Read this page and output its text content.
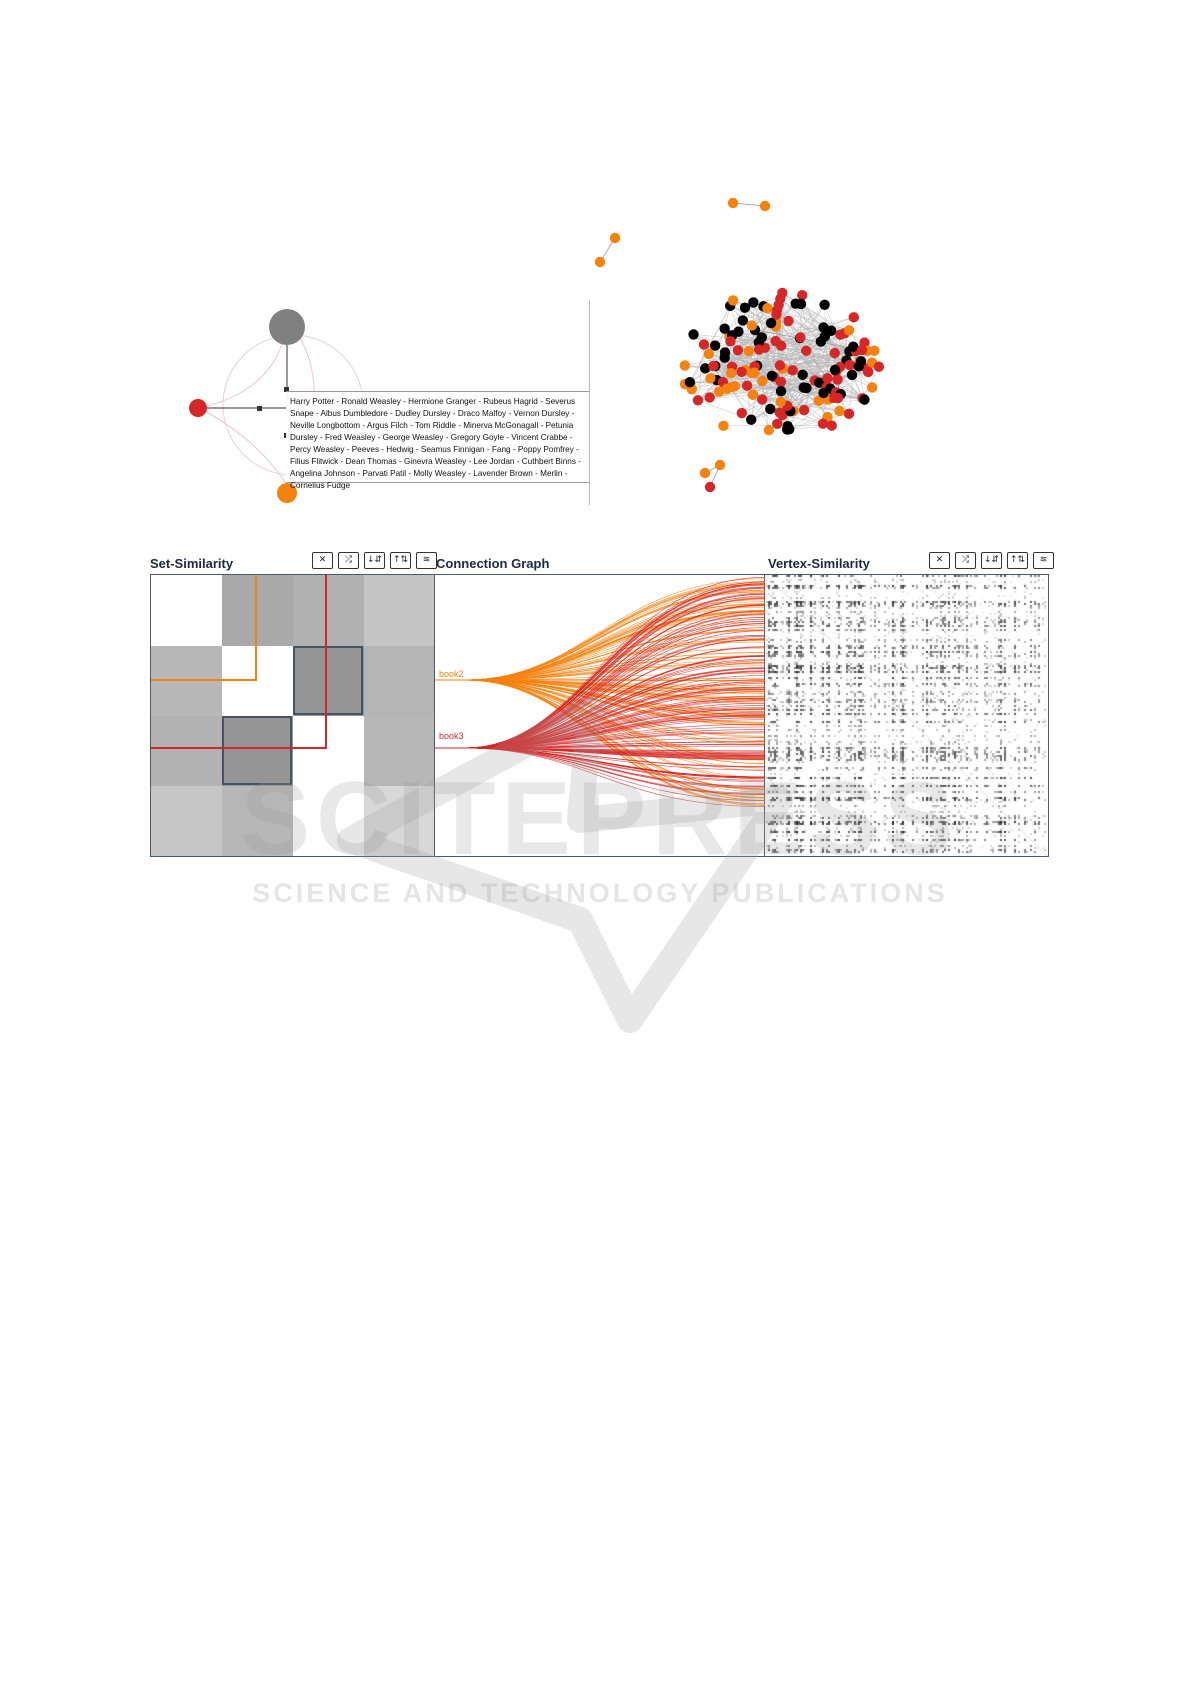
Harry Potter - Ronald Weasley - Hermione Granger - Rubeus Hagrid - Severus Snape - Albus Dumbledore - Dudley Dursley - Draco Malfoy - Vernon Dursley - Neville Longbottom - Argus Filch - Tom Riddle - Minerva McGonagall - Petunia Dursley - Fred Weasley - George Weasley - Gregory Goyle - Vincent Crabbe - Percy Weasley - Peeves - Hedwig - Seamus Finnigan - Fang - Poppy Pomfrey - Filius Flitwick - Dean Thomas - Ginevra Weasley - Lee Jordan - Cuthbert Binns - Angelina Johnson - Parvati Patil - Molly Weasley - Lavender Brown - Merlin - Cornelius Fudge
Set-Similarity	✕	⤮	↓⇵	↑⇅	≋ Connection Graph	Vertex-Similarity	✕	⤮	↓⇵	↑⇅	≋
book2
book3
SCITEPRESS
SCIENCE AND TECHNOLOGY PUBLICATIONS
